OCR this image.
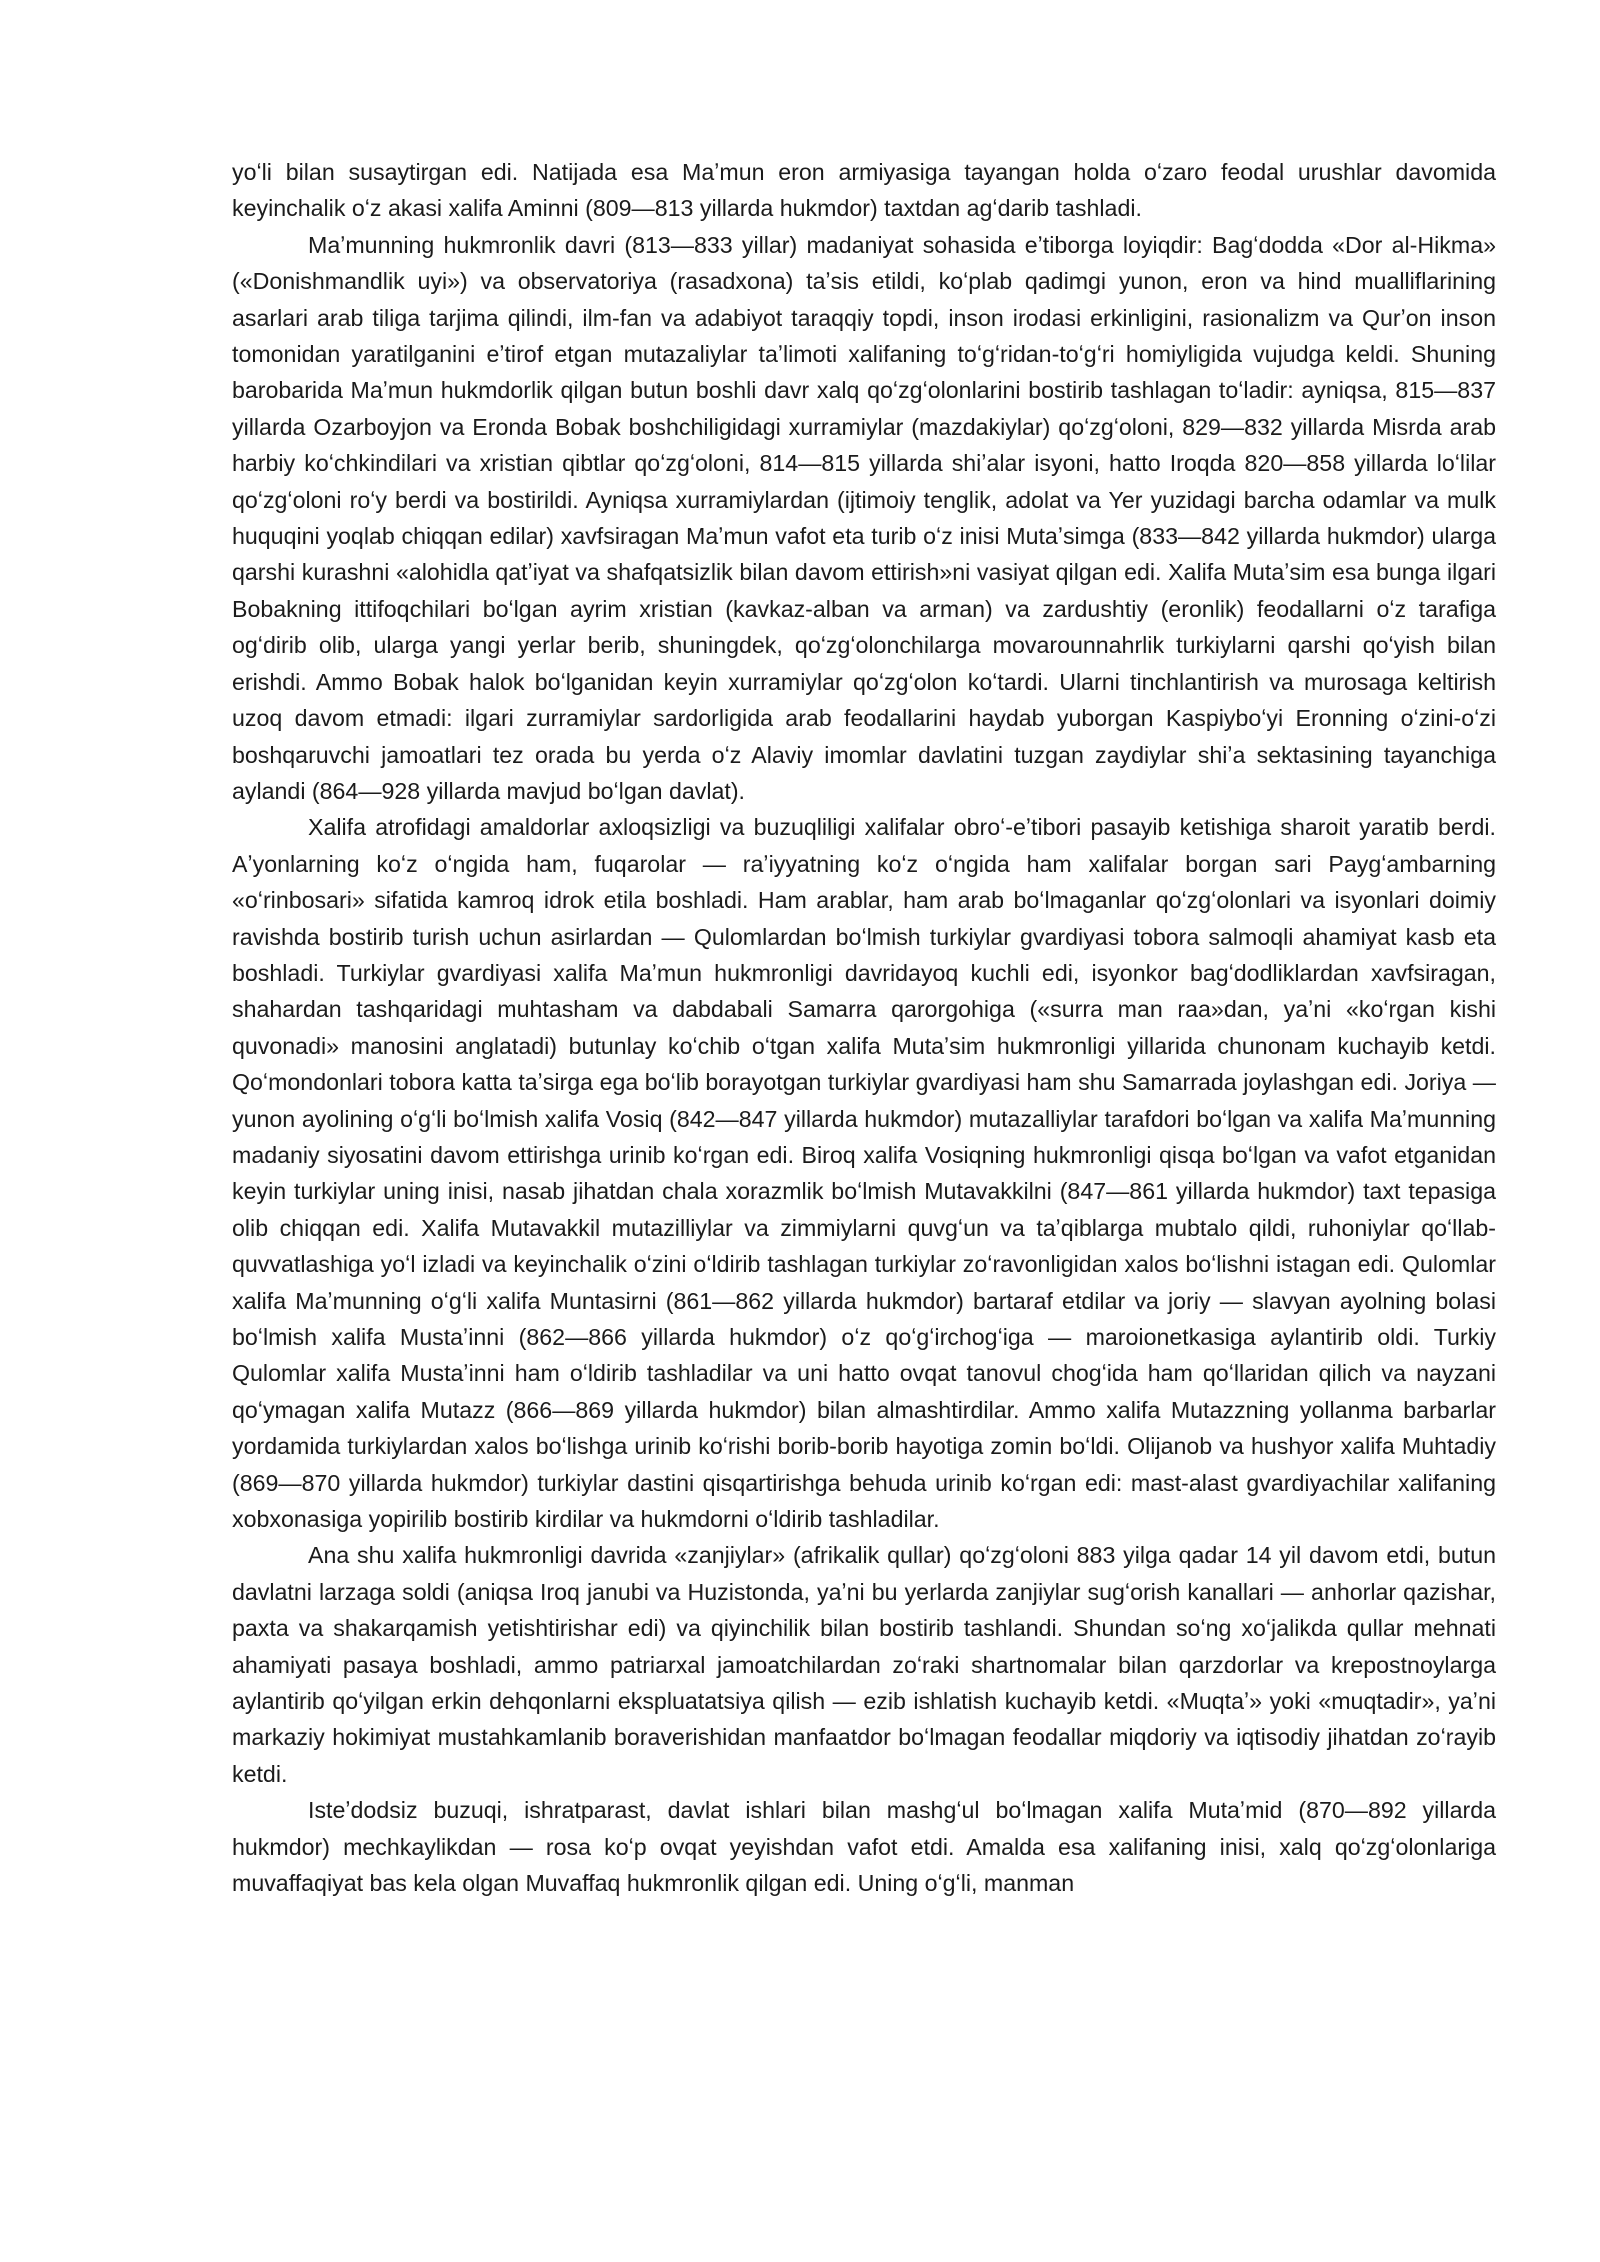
yoʻli bilan susaytirgan edi. Natijada esa Maʼmun eron armiyasiga tayangan holda oʻzaro feodal urushlar davomida keyinchalik oʻz akasi xalifa Aminni (809—813 yillarda hukmdor) taxtdan agʻdarib tashladi.

Maʼmunning hukmronlik davri (813—833 yillar) madaniyat sohasida eʼtiborga loyiqdir: Bagʻdodda «Dor al-Hikma» («Donishmandlik uyi») va observatoriya (rasadxona) taʼsis etildi, koʻplab qadimgi yunon, eron va hind mualliflarining asarlari arab tiliga tarjima qilindi, ilm-fan va adabiyot taraqqiy topdi, inson irodasi erkinligini, rasionalizm va Qurʼon inson tomonidan yaratilganini eʼtirof etgan mutazaliylar taʼlimoti xalifaning toʻgʻridan-toʻgʻri homiyligida vujudga keldi. Shuning barobarida Maʼmun hukmdorlik qilgan butun boshli davr xalq qoʻzgʻolonlarini bostirib tashlagan toʻladir: ayniqsa, 815—837 yillarda Ozarboyjon va Eronda Bobak boshchiligidagi xurramiylar (mazdakiylar) qoʻzgʻoloni, 829—832 yillarda Misrda arab harbiy koʻchkindilari va xristian qibtlar qoʻzgʻoloni, 814—815 yillarda shiʼalar isyoni, hatto Iroqda 820—858 yillarda loʻlilar qoʻzgʻoloni roʻy berdi va bostirildi. Ayniqsa xurramiylardan (ijtimoiy tenglik, adolat va Yer yuzidagi barcha odamlar va mulk huquqini yoqlab chiqqan edilar) xavfsiragan Maʼmun vafot eta turib oʻz inisi Mutaʼsimga (833—842 yillarda hukmdor) ularga qarshi kurashni «alohidla qatʼiyat va shafqatsizlik bilan davom ettirish»ni vasiyat qilgan edi. Xalifa Mutaʼsim esa bunga ilgari Bobakning ittifoqchilari boʻlgan ayrim xristian (kavkaz-alban va arman) va zardushtiy (eronlik) feodallarni oʻz tarafiga ogʻdirib olib, ularga yangi yerlar berib, shuningdek, qoʻzgʻolonchilarga movarounnahrlik turkiylarni qarshi qoʻyish bilan erishdi. Ammo Bobak halok boʻlganidan keyin xurramiylar qoʻzgʻolon koʻtardi. Ularni tinchlantirish va murosaga keltirish uzoq davom etmadi: ilgari zurramiylar sardorligida arab feodallarini haydab yuborgan Kaspiyboʻyi Eronning oʻzini-oʻzi boshqaruvchi jamoatlari tez orada bu yerda oʻz Alaviy imomlar davlatini tuzgan zaydiylar shiʼa sektasining tayanchiga aylandi (864—928 yillarda mavjud boʻlgan davlat).

Xalifa atrofidagi amaldorlar axloqsizligi va buzuqliligi xalifalar obroʻ-eʼtibori pasayib ketishiga sharoit yaratib berdi. Aʼyonlarning koʻz oʻngida ham, fuqarolar — raʼiyyatning koʻz oʻngida ham xalifalar borgan sari Paygʻambarning «oʻrinbosari» sifatida kamroq idrok etila boshladi. Ham arablar, ham arab boʻlmaganlar qoʻzgʻolonlari va isyonlari doimiy ravishda bostirib turish uchun asirlardan — Qulomlardan boʻlmish turkiylar gvardiyasi tobora salmoqli ahamiyat kasb eta boshladi. Turkiylar gvardiyasi xalifa Maʼmun hukmronligi davridayoq kuchli edi, isyonkor bagʻdodliklardan xavfsiragan, shahardan tashqaridagi muhtasham va dabdabali Samarra qarorgohiga («surra man raa»dan, yaʼni «koʻrgan kishi quvonadi» manosini anglatadi) butunlay koʻchib oʻtgan xalifa Mutaʼsim hukmronligi yillarida chunonam kuchayib ketdi. Qoʻmondonlari tobora katta taʼsirga ega boʻlib borayotgan turkiylar gvardiyasi ham shu Samarrada joylashgan edi. Joriya — yunon ayolining oʻgʻli boʻlmish xalifa Vosiq (842—847 yillarda hukmdor) mutazalliylar tarafdori boʻlgan va xalifa Maʼmunning madaniy siyosatini davom ettirishga urinib koʻrgan edi. Biroq xalifa Vosiqning hukmronligi qisqa boʻlgan va vafot etganidan keyin turkiylar uning inisi, nasab jihatdan chala xorazmlik boʻlmish Mutavakkilni (847—861 yillarda hukmdor) taxt tepasiga olib chiqqan edi. Xalifa Mutavakkil mutazilliylar va zimmiylarni quvgʻun va taʼqiblarga mubtalo qildi, ruhoniylar qoʻllab-quvvatlashiga yoʻl izladi va keyinchalik oʻzini oʻldirib tashlagan turkiylar zoʻravonligidan xalos boʻlishni istagan edi. Qulomlar xalifa Maʼmunning oʻgʻli xalifa Muntasirni (861—862 yillarda hukmdor) bartaraf etdilar va joriy — slavyan ayolning bolasi boʻlmish xalifa Mustaʼinni (862—866 yillarda hukmdor) oʻz qoʻgʻirchogʻiga — maroionetkasiga aylantirib oldi. Turkiy Qulomlar xalifa Mustaʼinni ham oʻldirib tashladilar va uni hatto ovqat tanovul chogʻida ham qoʻllaridan qilich va nayzani qoʻymagan xalifa Mutazz (866—869 yillarda hukmdor) bilan almashtirdilar. Ammo xalifa Mutazzning yollanma barbarlar yordamida turkiylardan xalos boʻlishga urinib koʻrishi borib-borib hayotiga zomin boʻldi. Olijanob va hushyor xalifa Muhtadiy (869—870 yillarda hukmdor) turkiylar dastini qisqartirishga behuda urinib koʻrgan edi: mast-alast gvardiyachilar xalifaning xobxonasiga yopirilib bostirib kirdilar va hukmdorni oʻldirib tashladilar.

Ana shu xalifa hukmronligi davrida «zanjiylar» (afrikalik qullar) qoʻzgʻoloni 883 yilga qadar 14 yil davom etdi, butun davlatni larzaga soldi (aniqsa Iroq janubi va Huzistonda, yaʼni bu yerlarda zanjiylar sugʻorish kanallari — anhorlar qazishar, paxta va shakarqamish yetishtirishar edi) va qiyinchilik bilan bostirib tashlandi. Shundan soʻng xoʻjalikda qullar mehnati ahamiyati pasaya boshladi, ammo patriarxal jamoatchilardan zoʻraki shartnomalar bilan qarzdorlar va krepostnoylarga aylantirib qoʻyilgan erkin dehqonlarni ekspluatatsiya qilish — ezib ishlatish kuchayib ketdi. «Muqtaʼ» yoki «muqtadir», yaʼni markaziy hokimiyat mustahkamlanib boraverishidan manfaatdor boʻlmagan feodallar miqdoriy va iqtisodiy jihatdan zoʻrayib ketdi.

Isteʼdodsiz buzuqi, ishratparast, davlat ishlari bilan mashgʻul boʻlmagan xalifa Mutaʼmid (870—892 yillarda hukmdor) mechkaylikdan — rosa koʻp ovqat yeyishdan vafot etdi. Amalda esa xalifaning inisi, xalq qoʻzgʻolonlariga muvaffaqiyat bas kela olgan Muvaffaq hukmronlik qilgan edi. Uning oʻgʻli, manman
